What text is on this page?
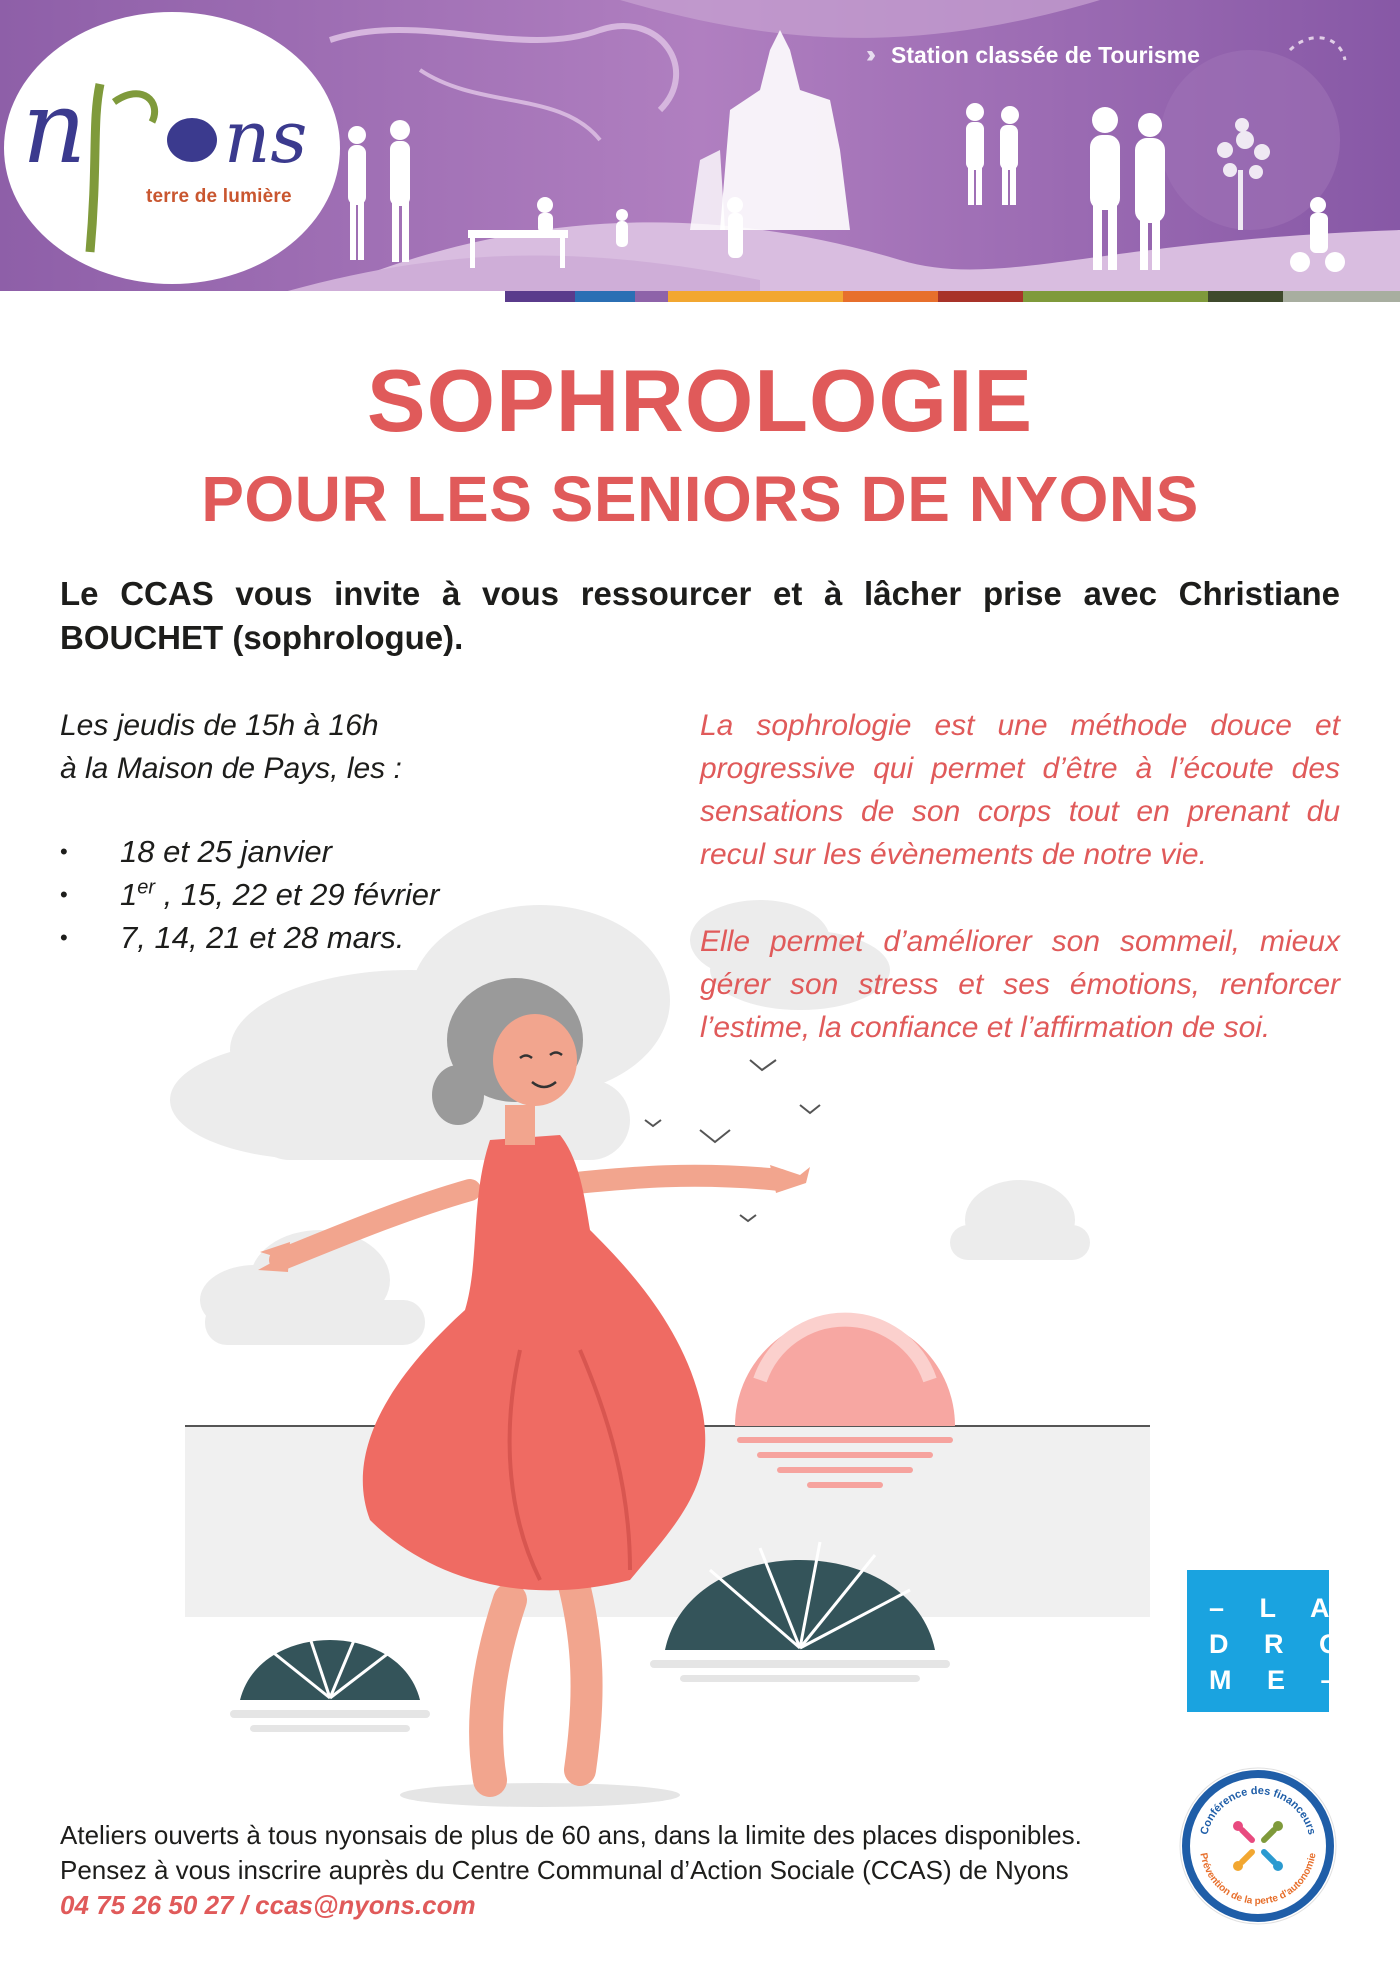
n ns
terre de lumière
››› Station classée de Tourisme
SOPHROLOGIE
POUR LES SENIORS DE NYONS

Le CCAS vous invite à vous ressourcer et à lâcher prise avec Christiane BOUCHET (sophrologue).

Les jeudis de 15h à 16h
à la Maison de Pays, les :
•	18 et 25 janvier
•	1er , 15, 22 et 29 février
•	7, 14, 21 et 28 mars.

La sophrologie est une méthode douce et progressive qui permet d’être à l’écoute des sensations de son corps tout en prenant du recul sur les évènements de notre vie.

Elle permet d’améliorer son sommeil, mieux gérer son stress et ses émotions, renforcer l’estime, la confiance et l’affirmation de soi.

– L A
D R O
M E –
Conférence des financeurs
Prévention de la perte d’autonomie

Ateliers ouverts à tous nyonsais de plus de 60 ans, dans la limite des places disponibles.

Pensez à vous inscrire auprès du Centre Communal d’Action Sociale (CCAS) de Nyons

04 75 26 50 27 / ccas@nyons.com
